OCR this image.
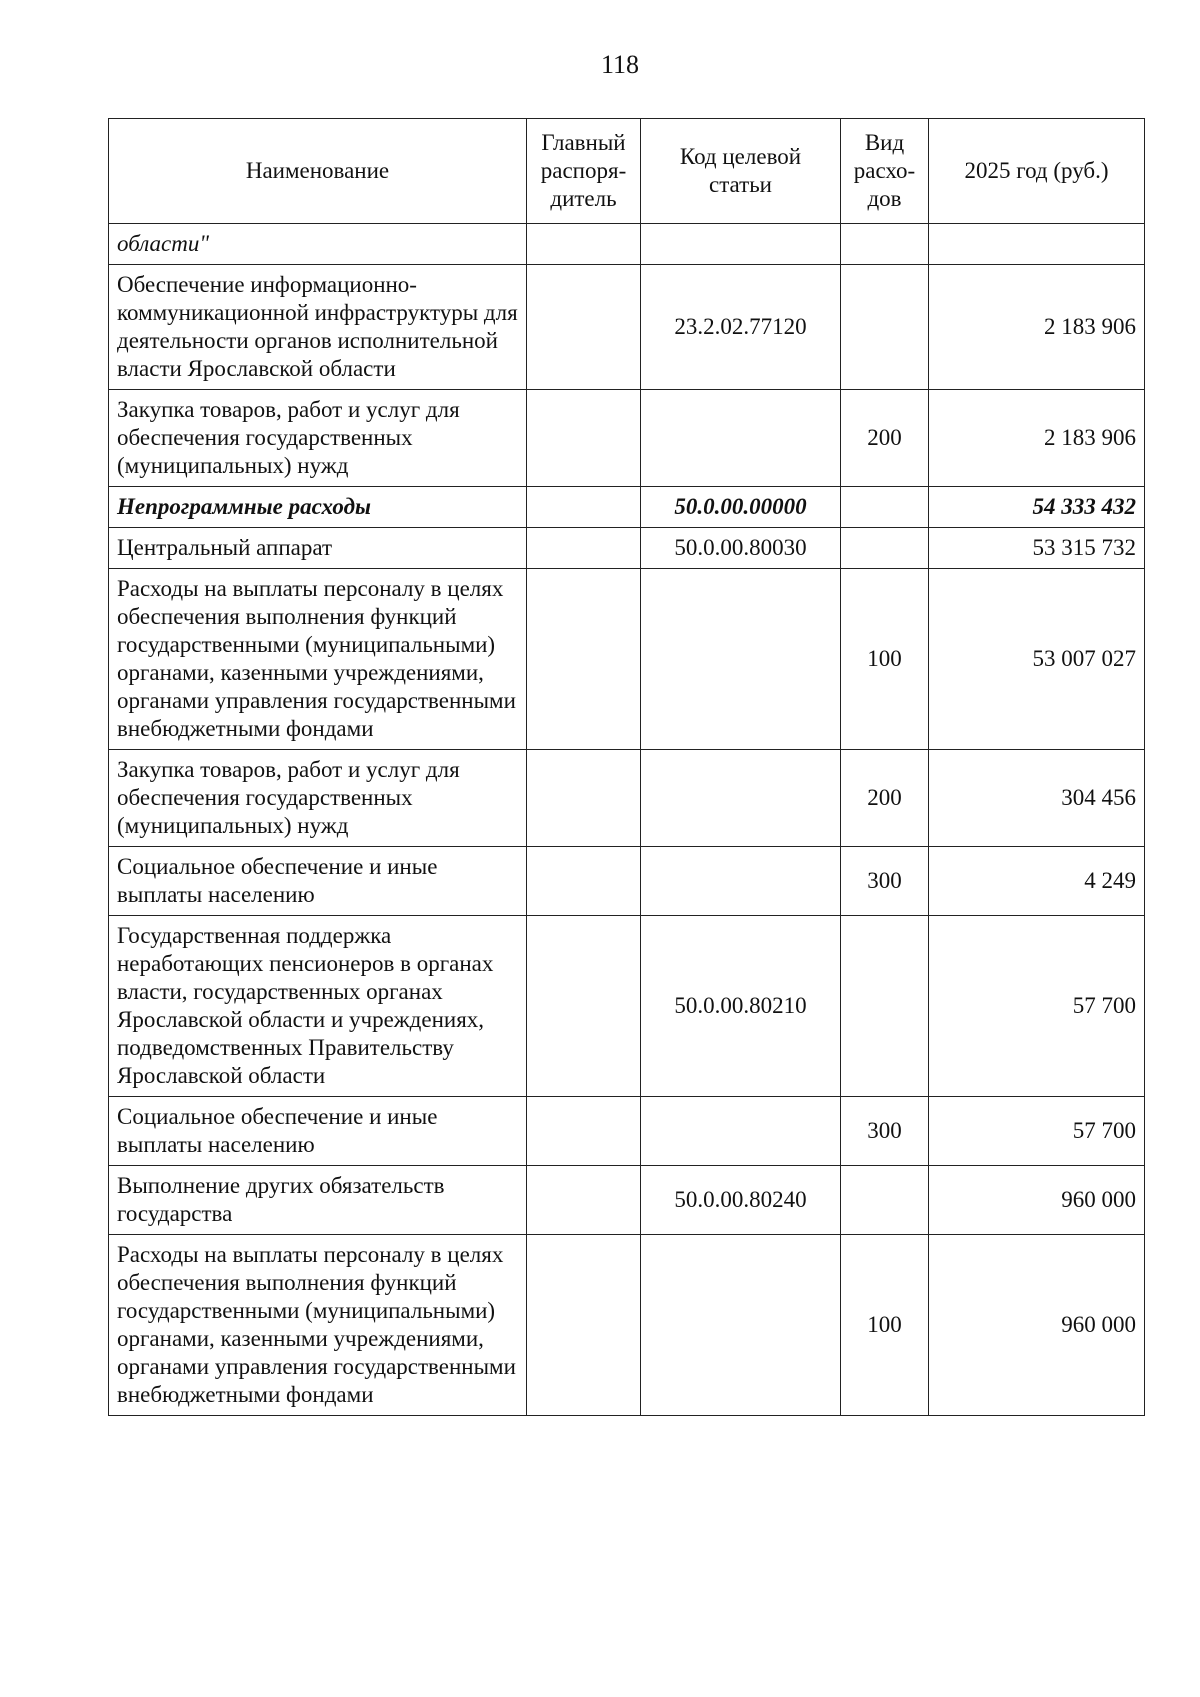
118
Наименование	Главный распоря-дитель	Код целевой статьи	Вид расхо-дов	2025 год (руб.)
области"				
Обеспечение информационно-коммуникационной инфраструктуры для деятельности органов исполнительной власти Ярославской области		23.2.02.77120		2 183 906
Закупка товаров, работ и услуг для обеспечения государственных (муниципальных) нужд			200	2 183 906
Непрограммные расходы		50.0.00.00000		54 333 432
Центральный аппарат		50.0.00.80030		53 315 732
Расходы на выплаты персоналу в целях обеспечения выполнения функций государственными (муниципальными) органами, казенными учреждениями, органами управления государственными внебюджетными фондами			100	53 007 027
Закупка товаров, работ и услуг для обеспечения государственных (муниципальных) нужд			200	304 456
Социальное обеспечение и иные выплаты населению			300	4 249
Государственная поддержка неработающих пенсионеров в органах власти, государственных органах Ярославской области и учреждениях, подведомственных Правительству Ярославской области		50.0.00.80210		57 700
Социальное обеспечение и иные выплаты населению			300	57 700
Выполнение других обязательств государства		50.0.00.80240		960 000
Расходы на выплаты персоналу в целях обеспечения выполнения функций государственными (муниципальными) органами, казенными учреждениями, органами управления государственными внебюджетными фондами			100	960 000
